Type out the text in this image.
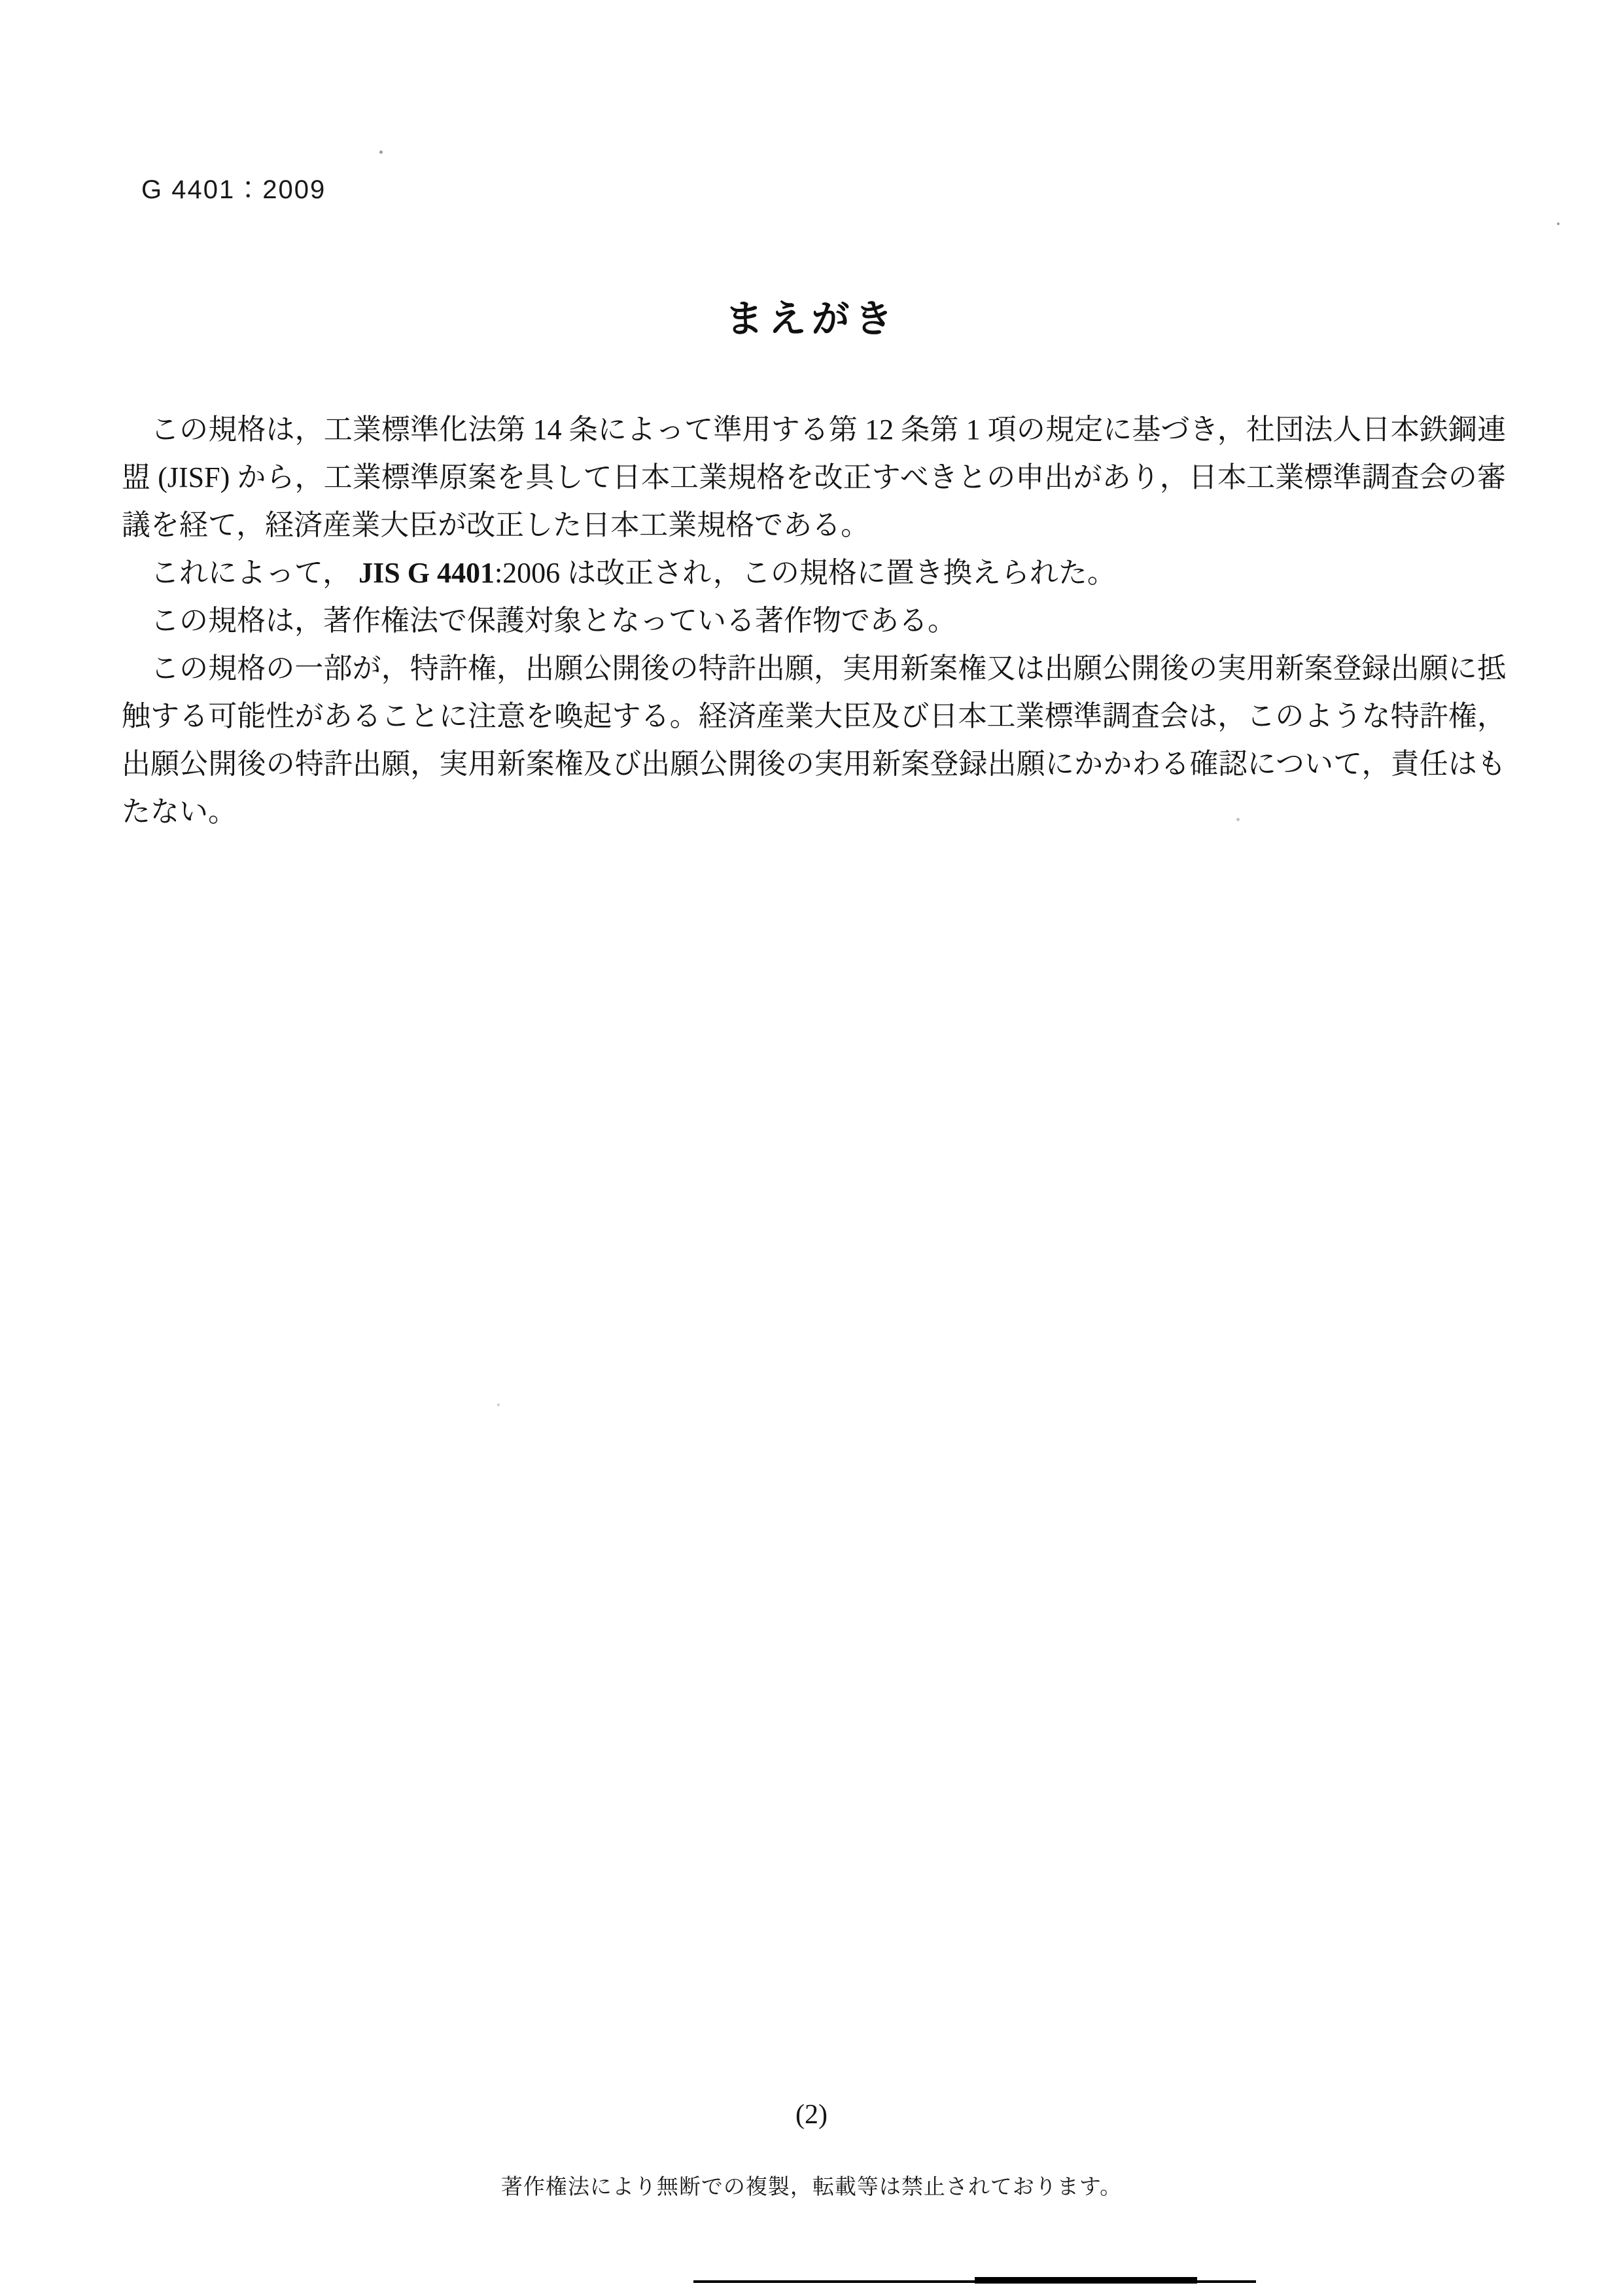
G 4401：2009
まえがき

この規格は，工業標準化法第 14 条によって準用する第 12 条第 1 項の規定に基づき，社団法人日本鉄鋼連盟 (JISF) から，工業標準原案を具して日本工業規格を改正すべきとの申出があり，日本工業標準調査会の審議を経て，経済産業大臣が改正した日本工業規格である。

これによって， JIS G 4401:2006 は改正され，この規格に置き換えられた。

この規格は，著作権法で保護対象となっている著作物である。

この規格の一部が，特許権，出願公開後の特許出願，実用新案権又は出願公開後の実用新案登録出願に抵触する可能性があることに注意を喚起する。経済産業大臣及び日本工業標準調査会は，このような特許権，出願公開後の特許出願，実用新案権及び出願公開後の実用新案登録出願にかかわる確認について，責任はもたない。

(2)
著作権法により無断での複製，転載等は禁止されております。
